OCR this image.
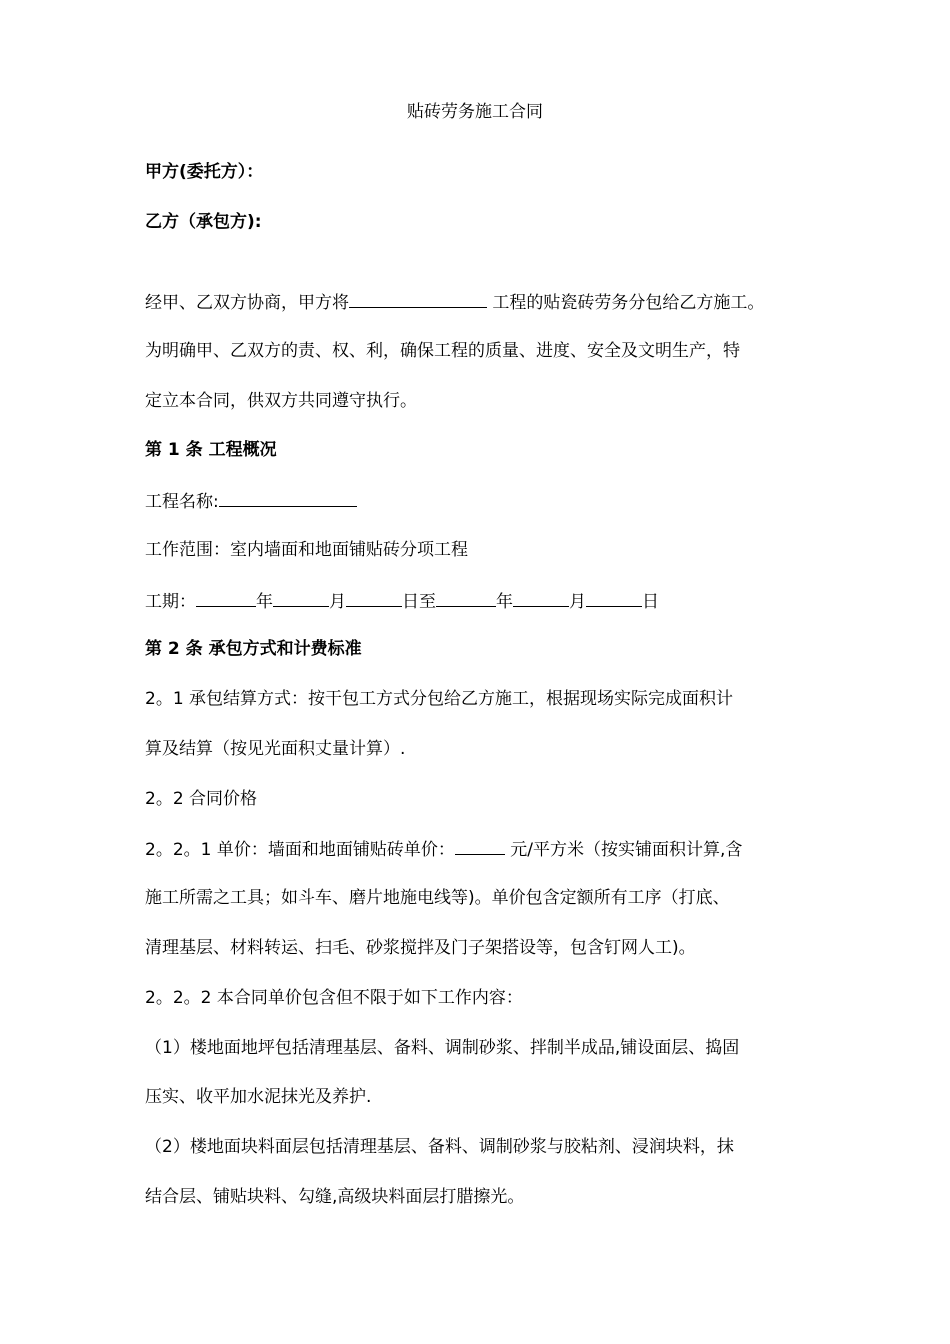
贴砖劳务施工合同
甲方(委托方）：
乙方（承包方):
经甲、乙双方协商，甲方将	工程的贴瓷砖劳务分包给乙方施工。
为明确甲、乙双方的责、权、利，确保工程的质量、进度、安全及文明生产，特
定立本合同，供双方共同遵守执行。
第 1 条 工程概况
工程名称:
工作范围：室内墙面和地面铺贴砖分项工程
工期：	年	月	日至	年	月	日
第 2 条 承包方式和计费标准
2。1 承包结算方式：按干包工方式分包给乙方施工，根据现场实际完成面积计
算及结算（按见光面积丈量计算）.
2。2 合同价格
2。2。1 单价：墙面和地面铺贴砖单价：	元/平方米（按实铺面积计算,含
施工所需之工具；如斗车、磨片地施电线等)。单价包含定额所有工序（打底、
清理基层、材料转运、扫毛、砂浆搅拌及门子架搭设等，包含钉网人工)。
2。2。2 本合同单价包含但不限于如下工作内容：
（1）楼地面地坪包括清理基层、备料、调制砂浆、拌制半成品,铺设面层、捣固
压实、收平加水泥抹光及养护.
（2）楼地面块料面层包括清理基层、备料、调制砂浆与胶粘剂、浸润块料，抹
结合层、铺贴块料、勾缝,高级块料面层打腊擦光。
